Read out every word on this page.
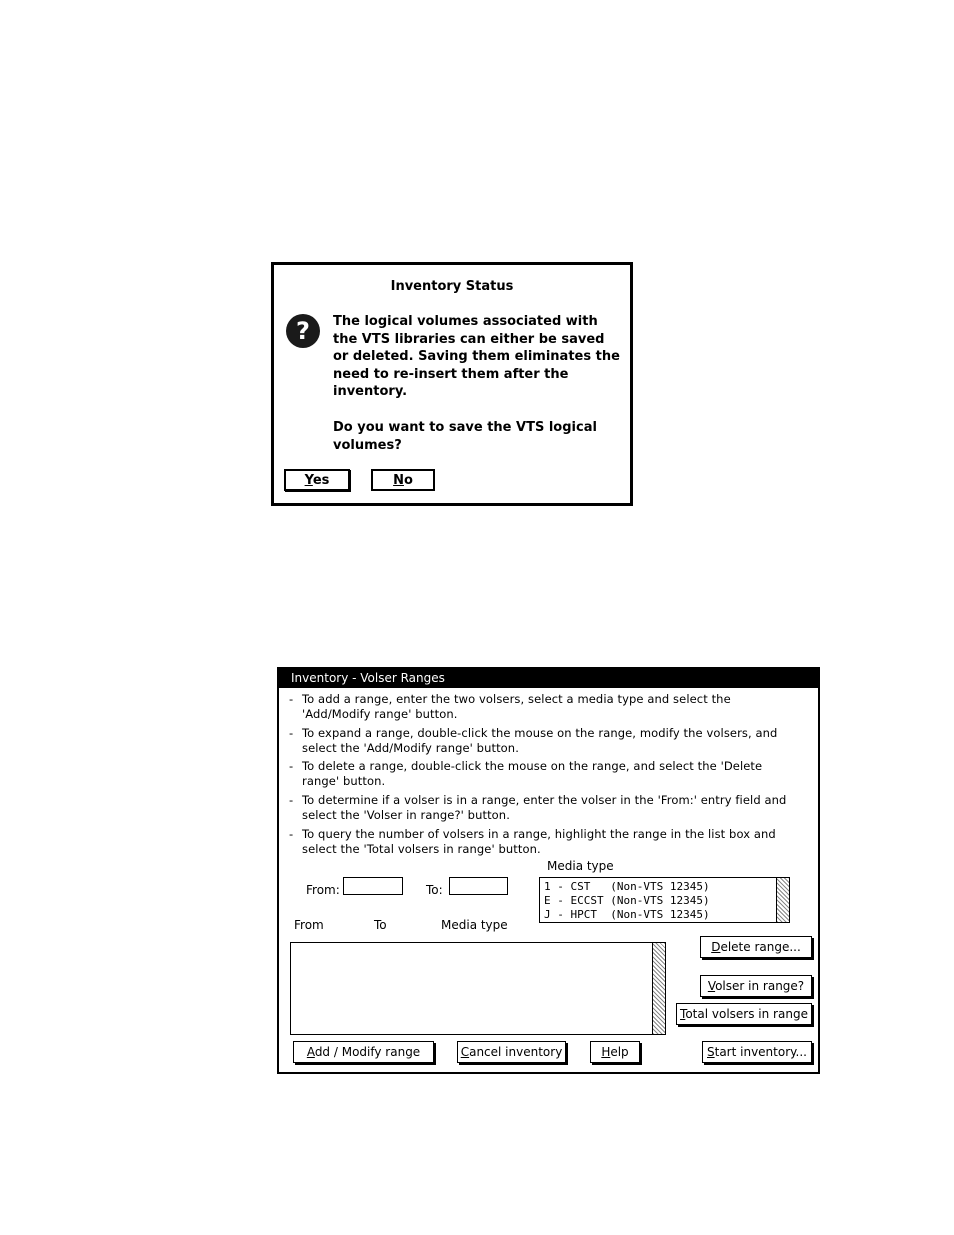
Inventory Status
?	The logical volumes associated with
the VTS libraries can either be saved
or deleted. Saving them eliminates the
need to re-insert them after the
inventory.
Do you want to save the VTS logical
volumes?
Yes	No
Inventory - Volser Ranges
- To add a range, enter the two volsers, select a media type and select the
'Add/Modify range' button.
- To expand a range, double-click the mouse on the range, modify the volsers, and
select the 'Add/Modify range' button.
- To delete a range, double-click the mouse on the range, and select the 'Delete
range' button.
- To determine if a volser is in a range, enter the volser in the 'From:' entry field and
select the 'Volser in range?' button.
- To query the number of volsers in a range, highlight the range in the list box and
select the 'Total volsers in range' button.
Media type
From:	To:	1 - CST   (Non-VTS 12345)
E - ECCST (Non-VTS 12345)
J - HPCT  (Non-VTS 12345)
From	To	Media type
Delete range...
Volser in range?
Total volsers in range
Add / Modify range	Cancel inventory	Help	Start inventory...
